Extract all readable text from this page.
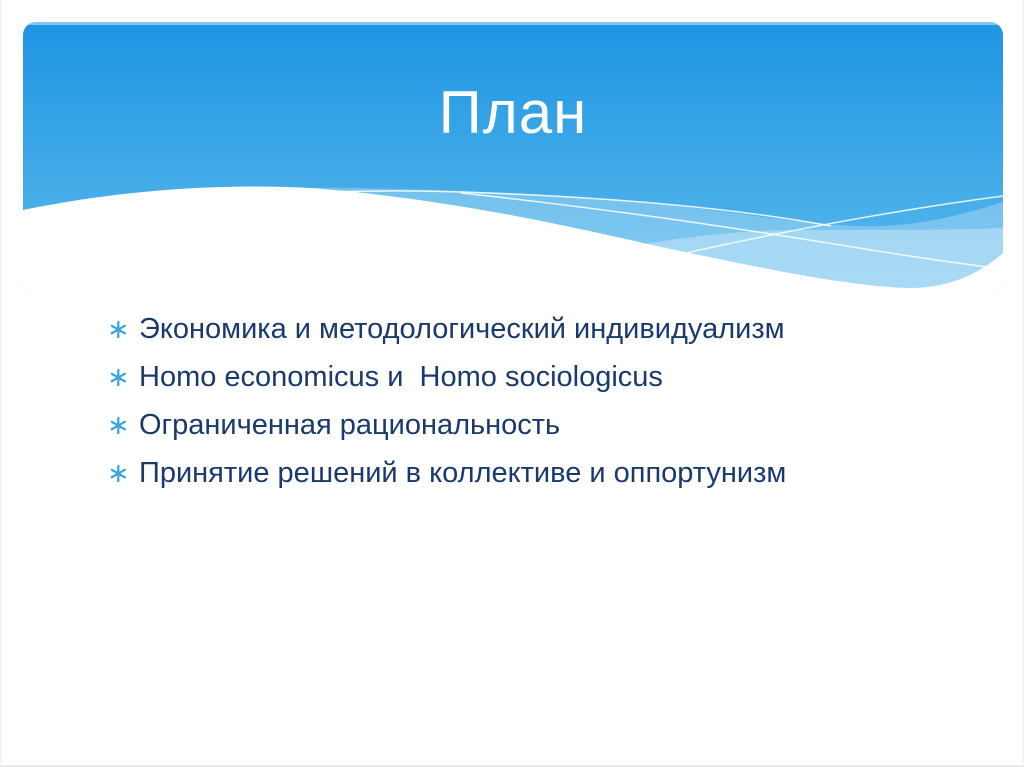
План
∗ Экономика и методологический индивидуализм
∗ Homo economicus и  Homo sociologicus
∗ Ограниченная рациональность
∗ Принятие решений в коллективе и оппортунизм
